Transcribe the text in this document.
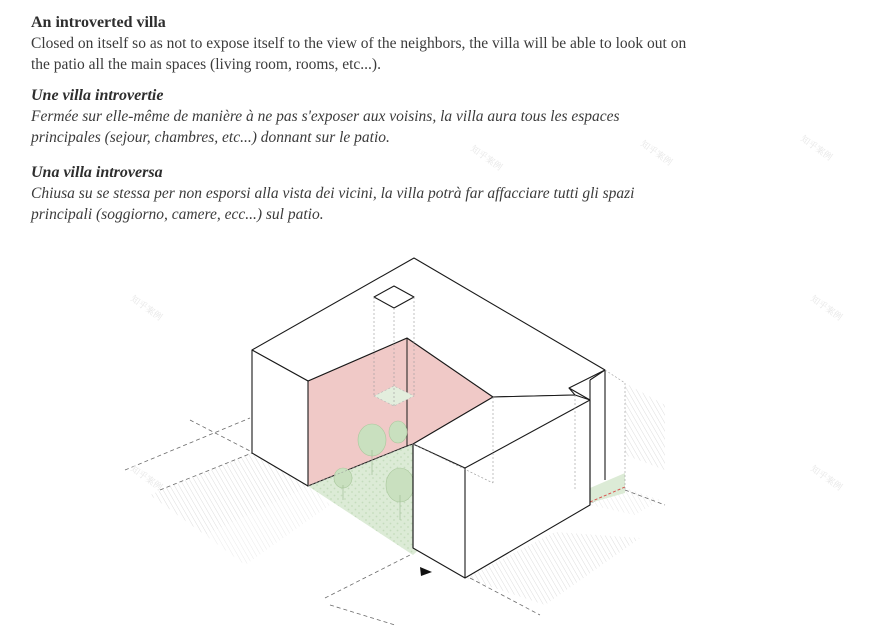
An introverted villa

Closed on itself so as not to expose itself to the view of the neighbors, the villa will be able to look out on the patio all the main spaces (living room, rooms, etc...).

Une villa introvertie

Fermée sur elle-même de manière à ne pas s'exposer aux voisins, la villa aura tous les espaces principales (sejour, chambres, etc...) donnant sur le patio.

Una villa introversa

Chiusa su se stessa per non esporsi alla vista dei vicini, la villa potrà far affacciare tutti gli spazi principali (soggiorno, camere, ecc...) sul patio.

知乎案例	知乎案例	知乎案例
知乎案例	知乎案例
知乎案例	知乎案例
